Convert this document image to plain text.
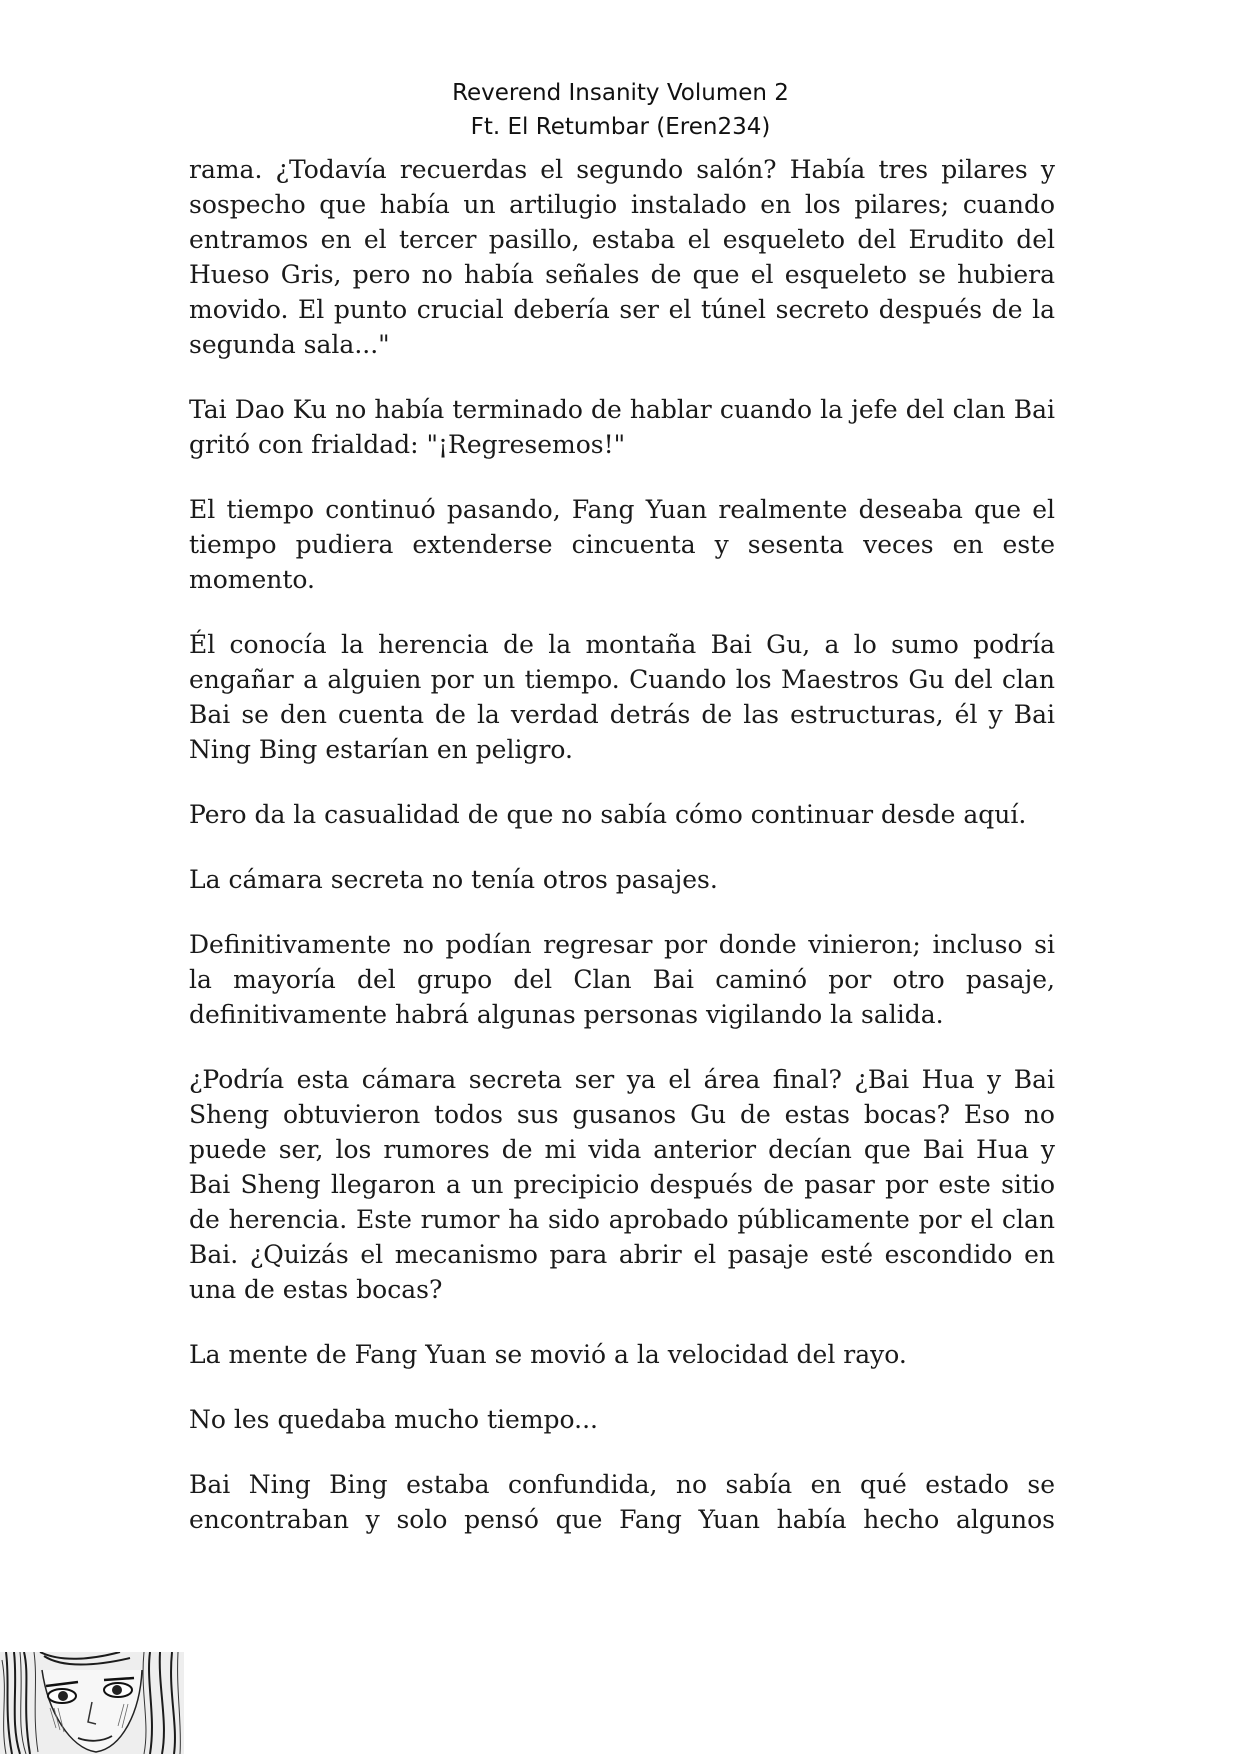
Reverend Insanity Volumen 2
Ft. El Retumbar (Eren234)

rama. ¿Todavía recuerdas el segundo salón? Había tres pilares y sospecho que había un artilugio instalado en los pilares; cuando entramos en el tercer pasillo, estaba el esqueleto del Erudito del Hueso Gris, pero no había señales de que el esqueleto se hubiera movido. El punto crucial debería ser el túnel secreto después de la segunda sala..."

Tai Dao Ku no había terminado de hablar cuando la jefe del clan Bai gritó con frialdad: "¡Regresemos!"

El tiempo continuó pasando, Fang Yuan realmente deseaba que el tiempo pudiera extenderse cincuenta y sesenta veces en este momento.

Él conocía la herencia de la montaña Bai Gu, a lo sumo podría engañar a alguien por un tiempo. Cuando los Maestros Gu del clan Bai se den cuenta de la verdad detrás de las estructuras, él y Bai Ning Bing estarían en peligro.

Pero da la casualidad de que no sabía cómo continuar desde aquí.

La cámara secreta no tenía otros pasajes.

Definitivamente no podían regresar por donde vinieron; incluso si la mayoría del grupo del Clan Bai caminó por otro pasaje, definitivamente habrá algunas personas vigilando la salida.

¿Podría esta cámara secreta ser ya el área final? ¿Bai Hua y Bai Sheng obtuvieron todos sus gusanos Gu de estas bocas? Eso no puede ser, los rumores de mi vida anterior decían que Bai Hua y Bai Sheng llegaron a un precipicio después de pasar por este sitio de herencia. Este rumor ha sido aprobado públicamente por el clan Bai. ¿Quizás el mecanismo para abrir el pasaje esté escondido en una de estas bocas?

La mente de Fang Yuan se movió a la velocidad del rayo.

No les quedaba mucho tiempo...

Bai Ning Bing estaba confundida, no sabía en qué estado se encontraban y solo pensó que Fang Yuan había hecho algunos
